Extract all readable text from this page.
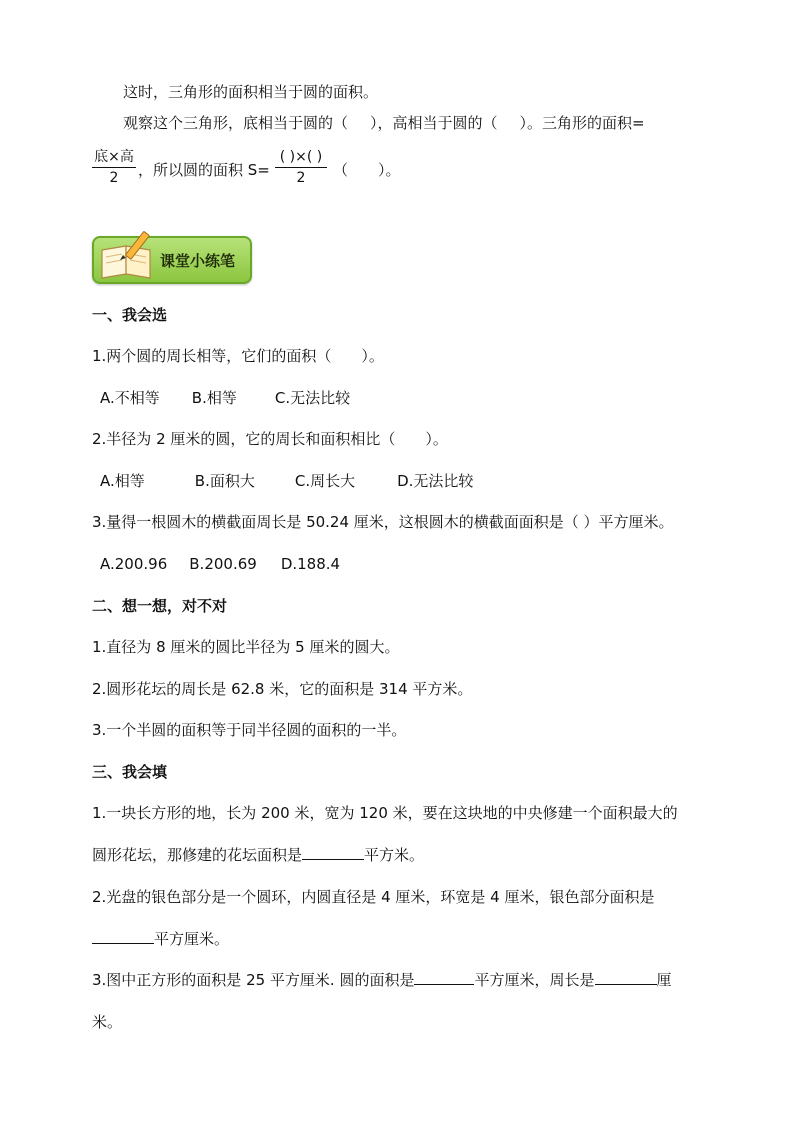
这时，三角形的面积相当于圆的面积。
观察这个三角形，底相当于圆的（ ），高相当于圆的（ ）。三角形的面积=
底×高
2	，所以圆的面积 S=
( )×( )
2	（　　）。
课堂小练笔
一、我会选
1.两个圆的周长相等，它们的面积（　　）。
A.不相等 B.相等	C.无法比较
2.半径为 2 厘米的圆，它的周长和面积相比（　　）。
A.相等	B.面积大	C.周长大	D.无法比较
3.量得一根圆木的横截面周长是 50.24 厘米，这根圆木的横截面面积是（ ）平方厘米。
A.200.96 B.200.69 D.188.4
二、想一想，对不对
1.直径为 8 厘米的圆比半径为 5 厘米的圆大。
2.圆形花坛的周长是 62.8 米，它的面积是 314 平方米。
3.一个半圆的面积等于同半径圆的面积的一半。
三、我会填
1.一块长方形的地，长为 200 米，宽为 120 米，要在这块地的中央修建一个面积最大的
圆形花坛，那修建的花坛面积是	平方米。
2.光盘的银色部分是一个圆环，内圆直径是 4 厘米，环宽是 4 厘米，银色部分面积是
平方厘米。
3.图中正方形的面积是 25 平方厘米. 圆的面积是	平方厘米，周长是	厘
米。
